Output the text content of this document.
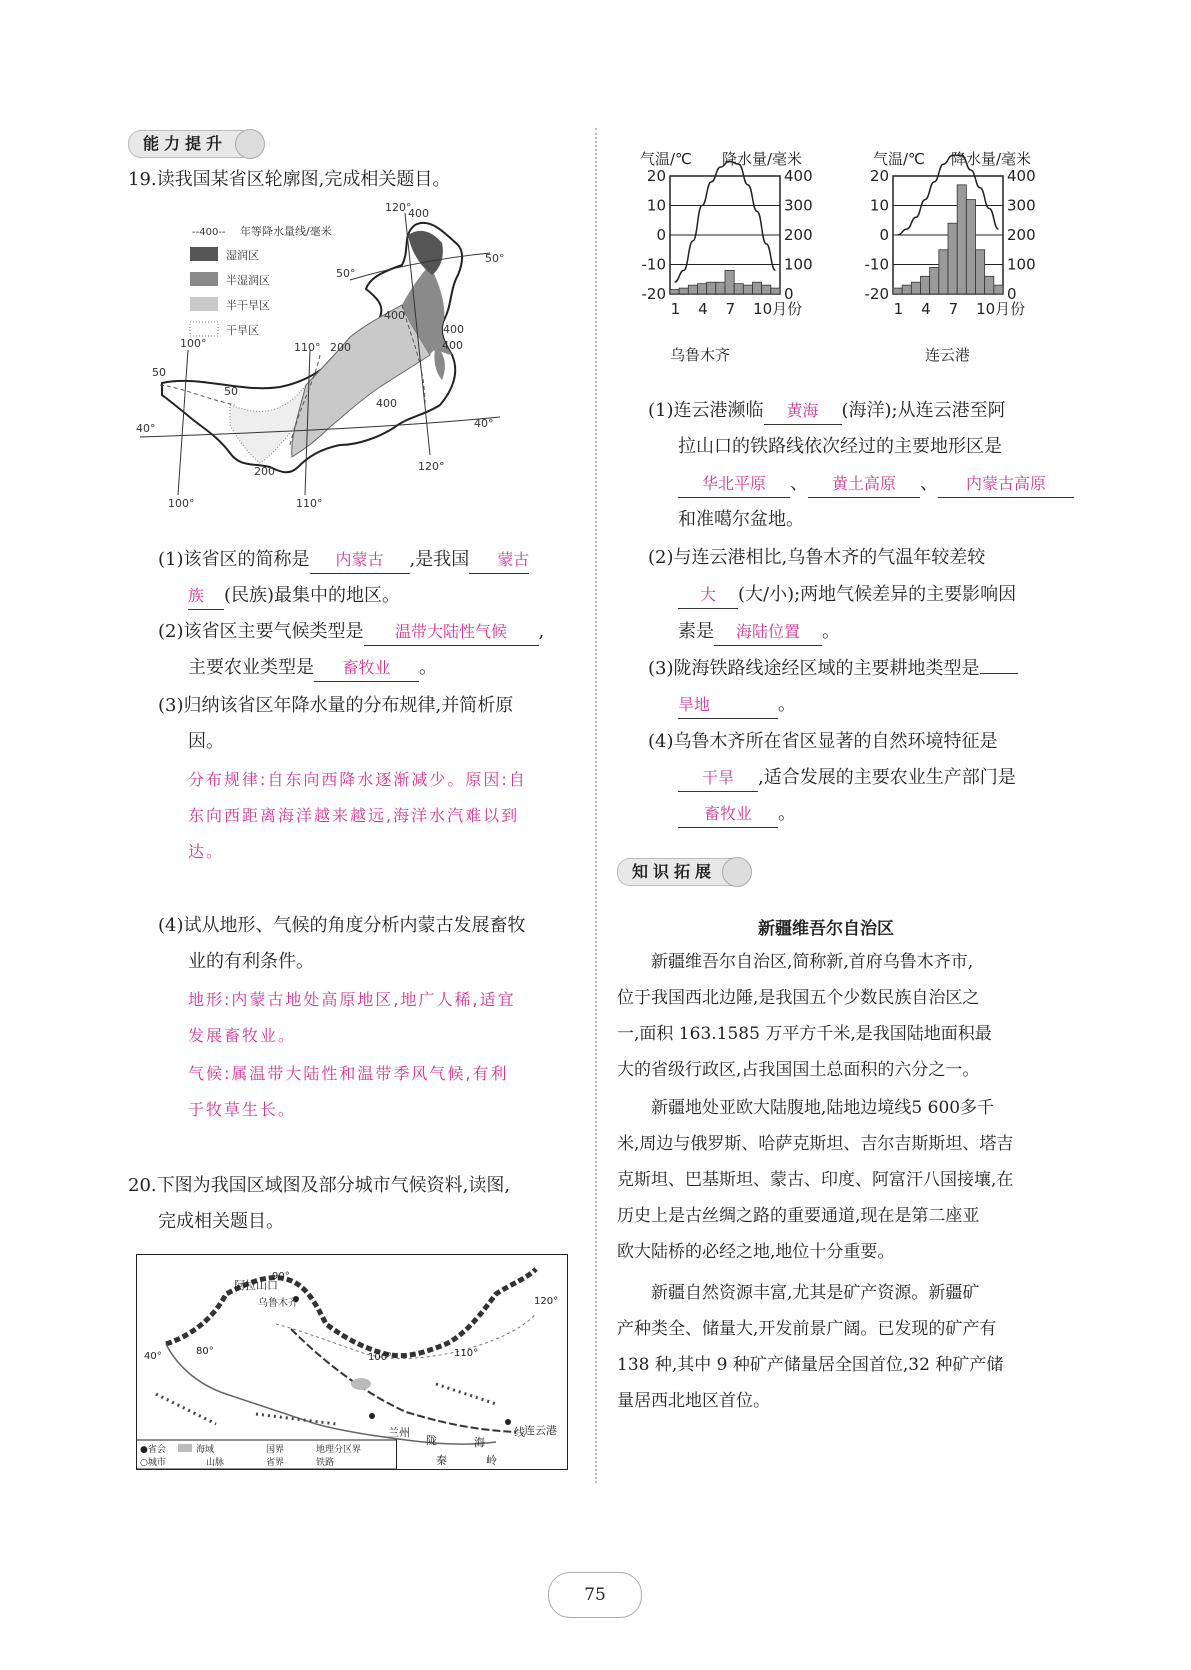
能力提升
19.读我国某省区轮廓图,完成相关题目。
--400-- 年等降水量线/毫米
湿润区
半湿润区
半干旱区
干旱区
120°
400
50°
50°
400
400
400
200
100°	110°
50
50
400
40°	40°
120°
200
100°	110°
(1)该省区的简称是 内蒙古 ,是我国 蒙古
族 (民族)最集中的地区。
(2)该省区主要气候类型是 温带大陆性气候 ,
主要农业类型是 畜牧业 。
(3)归纳该省区年降水量的分布规律,并简析原
因。
分布规律:自东向西降水逐渐减少。原因:自
东向西距离海洋越来越远,海洋水汽难以到
达。
(4)试从地形、气候的角度分析内蒙古发展畜牧
业的有利条件。
地形:内蒙古地处高原地区,地广人稀,适宜
发展畜牧业。
气候:属温带大陆性和温带季风气候,有利
于牧草生长。
20.下图为我国区域图及部分城市气候资料,读图,
完成相关题目。
阿拉山口
90°
乌鲁木齐	120°
40°	80°
100°	110°
兰州
陇	海
线 连云港
秦	岭
●省会	海域	国界	地理分区界
○城市	山脉	省界	铁路
气温/℃ 降水量/毫米
20
10
0
-10
-20
400
300
200
100
0
1 4 7 10月份
乌鲁木齐
气温/℃ 降水量/毫米
20
10
0
-10
-20
400
300
200
100
0
1 4 7 10月份
连云港
(1)连云港濒临 黄海 (海洋);从连云港至阿
拉山口的铁路线依次经过的主要地形区是
华北平原 、 黄土高原 、 内蒙古高原
和准噶尔盆地。
(2)与连云港相比,乌鲁木齐的气温年较差较
大 (大/小);两地气候差异的主要影响因
素是 海陆位置 。
(3)陇海铁路线途经区域的主要耕地类型是
旱地	。
(4)乌鲁木齐所在省区显著的自然环境特征是
干旱 ,适合发展的主要农业生产部门是
畜牧业 。
知识拓展
新疆维吾尔自治区
新疆维吾尔自治区,简称新,首府乌鲁木齐市,
位于我国西北边陲,是我国五个少数民族自治区之
一,面积 163.1585 万平方千米,是我国陆地面积最
大的省级行政区,占我国国土总面积的六分之一。
新疆地处亚欧大陆腹地,陆地边境线5 600多千
米,周边与俄罗斯、哈萨克斯坦、吉尔吉斯斯坦、塔吉
克斯坦、巴基斯坦、蒙古、印度、阿富汗八国接壤,在
历史上是古丝绸之路的重要通道,现在是第二座亚
欧大陆桥的必经之地,地位十分重要。
新疆自然资源丰富,尤其是矿产资源。新疆矿
产种类全、储量大,开发前景广阔。已发现的矿产有
138 种,其中 9 种矿产储量居全国首位,32 种矿产储
量居西北地区首位。
75
